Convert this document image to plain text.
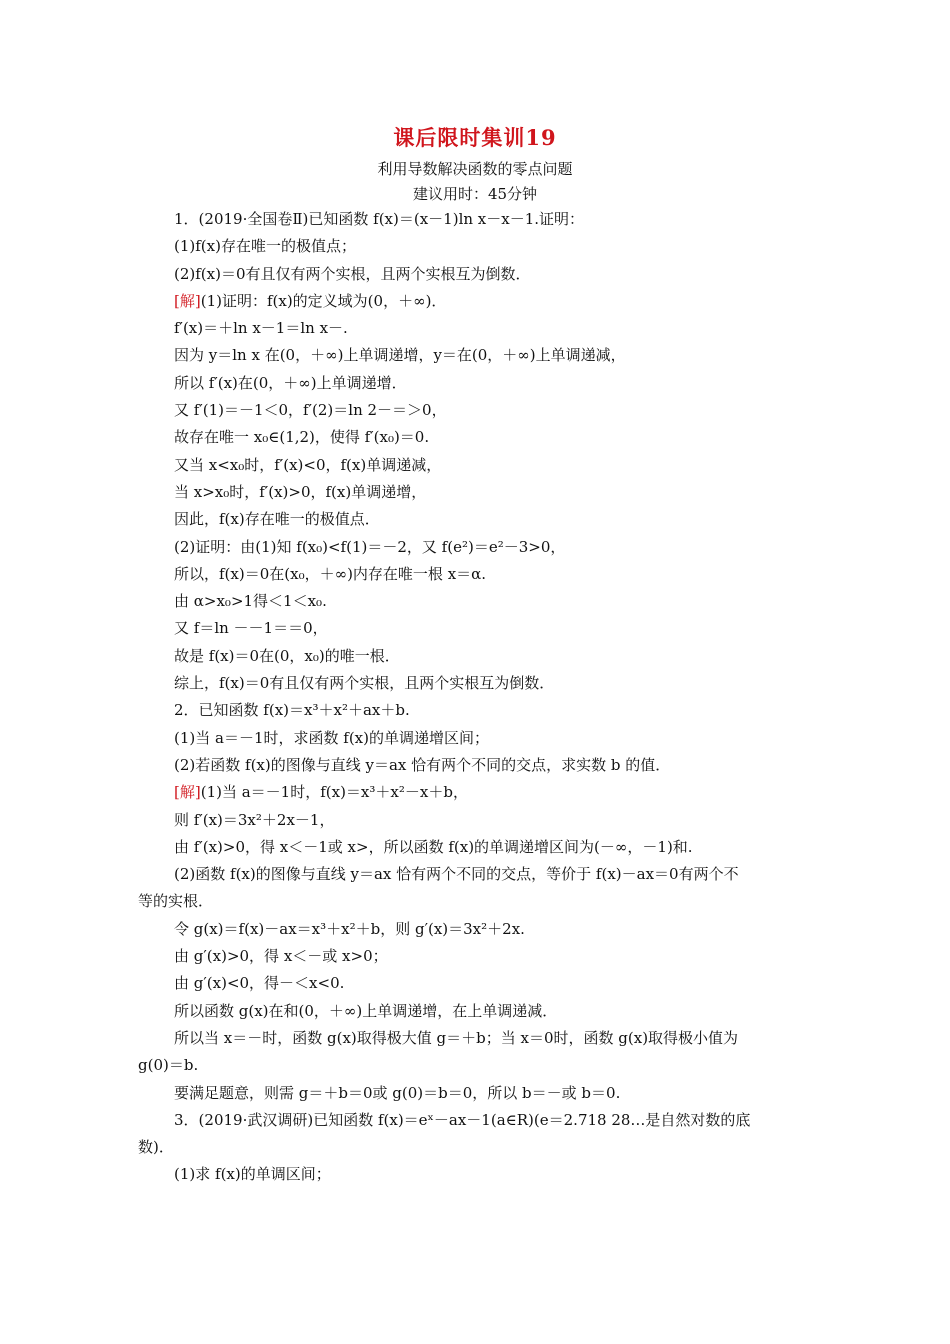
课后限时集训19
利用导数解决函数的零点问题
建议用时：45分钟
1．(2019·全国卷Ⅱ)已知函数 f(x)＝(x－1)ln x－x－1.证明：
(1)f(x)存在唯一的极值点；
(2)f(x)＝0有且仅有两个实根，且两个实根互为倒数．
[解](1)证明：f(x)的定义域为(0，＋∞)．
f′(x)＝＋ln x－1＝ln x－.
因为 y＝ln x 在(0，＋∞)上单调递增，y＝在(0，＋∞)上单调递减，
所以 f′(x)在(0，＋∞)上单调递增．
又 f′(1)＝－1＜0，f′(2)＝ln 2－＝＞0，
故存在唯一 x₀∈(1,2)，使得 f′(x₀)＝0.
又当 x<x₀时，f′(x)<0，f(x)单调递减，
当 x>x₀时，f′(x)>0，f(x)单调递增，
因此，f(x)存在唯一的极值点．
(2)证明：由(1)知 f(x₀)<f(1)＝－2，又 f(e²)＝e²－3>0，
所以，f(x)＝0在(x₀，＋∞)内存在唯一根 x＝α.
由 α>x₀>1得＜1＜x₀.
又 f＝ln －－1＝＝0，
故是 f(x)＝0在(0，x₀)的唯一根．
综上，f(x)＝0有且仅有两个实根，且两个实根互为倒数．
2．已知函数 f(x)＝x³＋x²＋ax＋b.
(1)当 a＝－1时，求函数 f(x)的单调递增区间；
(2)若函数 f(x)的图像与直线 y＝ax 恰有两个不同的交点，求实数 b 的值．
[解](1)当 a＝－1时，f(x)＝x³＋x²－x＋b，
则 f′(x)＝3x²＋2x－1，
由 f′(x)>0，得 x＜－1或 x>，所以函数 f(x)的单调递增区间为(－∞，－1)和.
(2)函数 f(x)的图像与直线 y＝ax 恰有两个不同的交点，等价于 f(x)－ax＝0有两个不
等的实根．
令 g(x)＝f(x)－ax＝x³＋x²＋b，则 g′(x)＝3x²＋2x.
由 g′(x)>0，得 x＜－或 x>0；
由 g′(x)<0，得－＜x<0.
所以函数 g(x)在和(0，＋∞)上单调递增，在上单调递减．
所以当 x＝－时，函数 g(x)取得极大值 g＝＋b；当 x＝0时，函数 g(x)取得极小值为
g(0)＝b.
要满足题意，则需 g＝＋b＝0或 g(0)＝b＝0，所以 b＝－或 b＝0.
3．(2019·武汉调研)已知函数 f(x)＝eˣ－ax－1(a∈R)(e＝2.718 28…是自然对数的底
数)．
(1)求 f(x)的单调区间；
